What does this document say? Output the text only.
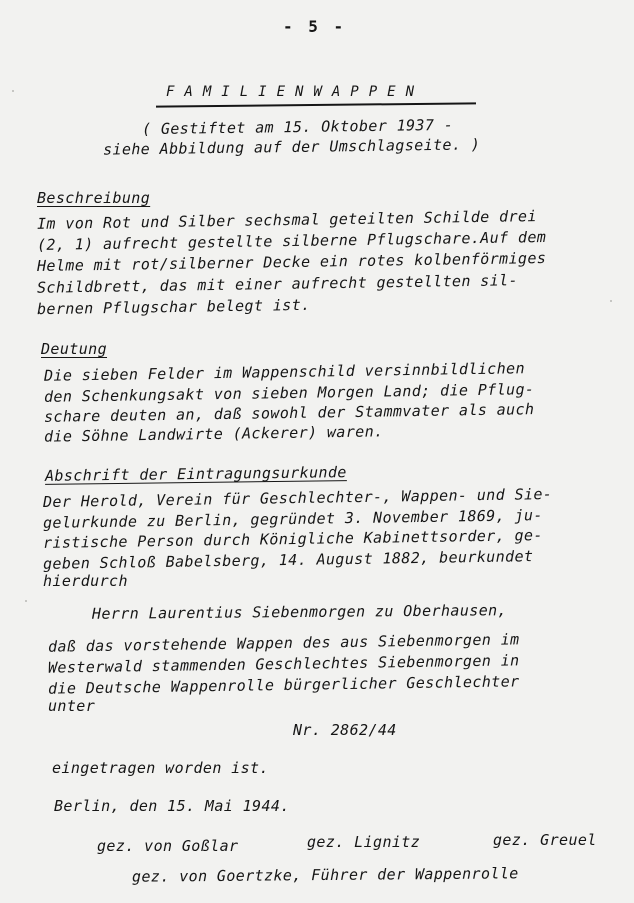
- 5 -
FAMILIENWAPPEN
( Gestiftet am 15. Oktober 1937 -
siehe Abbildung auf der Umschlagseite. )
Beschreibung
Im von Rot und Silber sechsmal geteilten Schilde drei
(2, 1) aufrecht gestellte silberne Pflugschare.Auf dem
Helme mit rot/silberner Decke ein rotes kolbenförmiges
Schildbrett, das mit einer aufrecht gestellten sil-
bernen Pflugschar belegt ist.
Deutung
Die sieben Felder im Wappenschild versinnbildlichen
den Schenkungsakt von sieben Morgen Land; die Pflug-
schare deuten an, daß sowohl der Stammvater als auch
die Söhne Landwirte (Ackerer) waren.
Abschrift der Eintragungsurkunde
Der Herold, Verein für Geschlechter-, Wappen- und Sie-
gelurkunde zu Berlin, gegründet 3. November 1869, ju-
ristische Person durch Königliche Kabinettsorder, ge-
geben Schloß Babelsberg, 14. August 1882, beurkundet
hierdurch
Herrn Laurentius Siebenmorgen zu Oberhausen,
daß das vorstehende Wappen des aus Siebenmorgen im
Westerwald stammenden Geschlechtes Siebenmorgen in
die Deutsche Wappenrolle bürgerlicher Geschlechter
unter
Nr. 2862/44
eingetragen worden ist.
Berlin, den 15. Mai 1944.
gez. von Goßlar	gez. Lignitz	gez. Greuel
gez. von Goertzke, Führer der Wappenrolle
